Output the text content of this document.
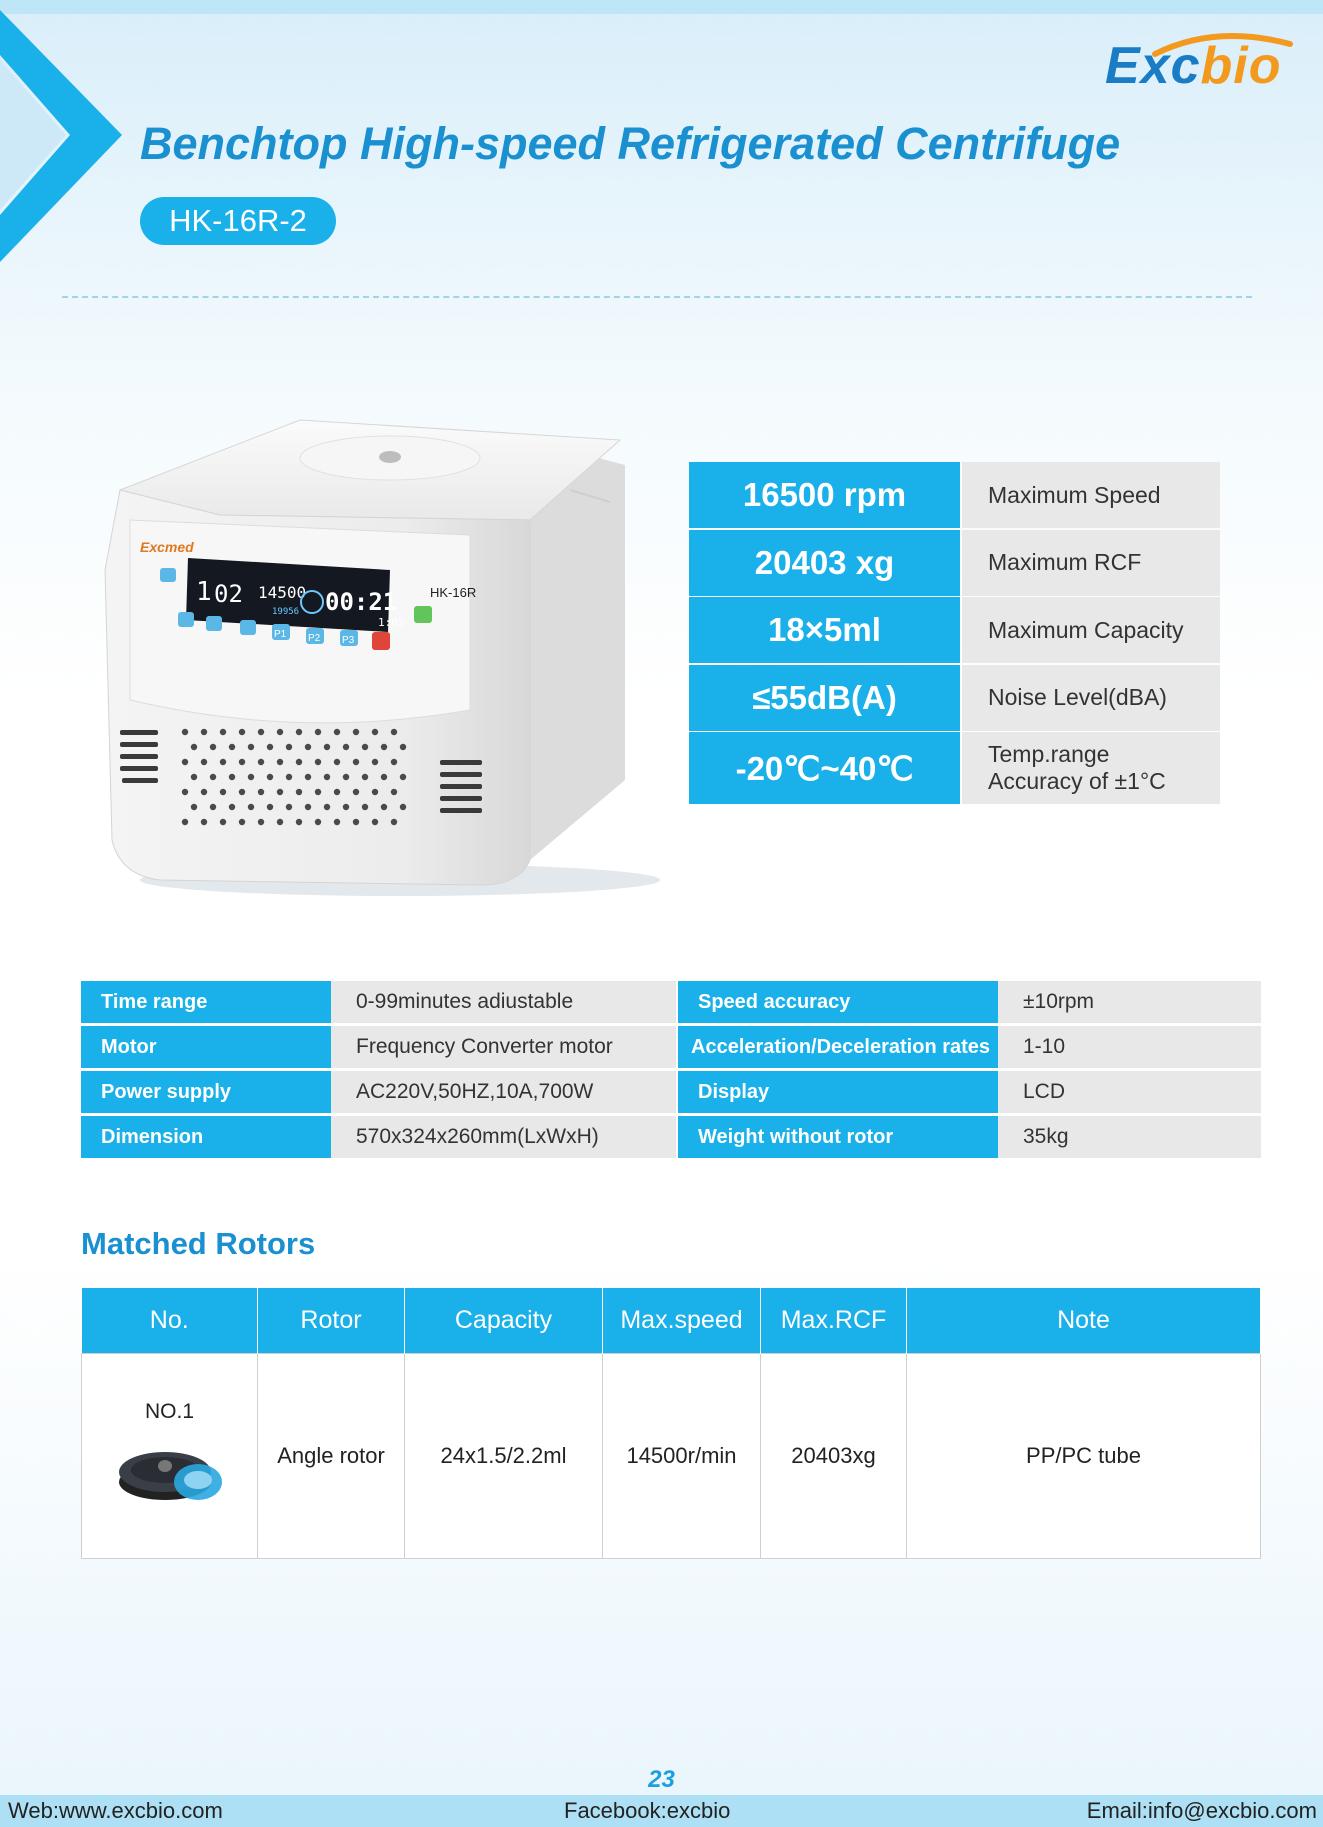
Excbio
Benchtop High-speed Refrigerated Centrifuge
HK-16R-2
Excmed
1 02 14500
19956 00:21
1:05
HK-16R
P1 P2 P3
16500 rpm	Maximum Speed
20403 xg	Maximum RCF
18×5ml	Maximum Capacity
≤55dB(A)	Noise Level(dBA)
-20℃~40℃	Temp.range
Accuracy of ±1°C
Time range	0-99minutes adiustable		Speed accuracy	±10rpm
Motor	Frequency Converter motor		Acceleration/Deceleration rates	1-10
Power supply	AC220V,50HZ,10A,700W		Display	LCD
Dimension	570x324x260mm(LxWxH)		Weight without rotor	35kg
Matched Rotors
No.	Rotor	Capacity	Max.speed	Max.RCF	Note

NO.1	Angle rotor	24x1.5/2.2ml	14500r/min	20403xg	PP/PC tube
23
Web:www.excbio.com	Facebook:excbio	Email:info@excbio.com
